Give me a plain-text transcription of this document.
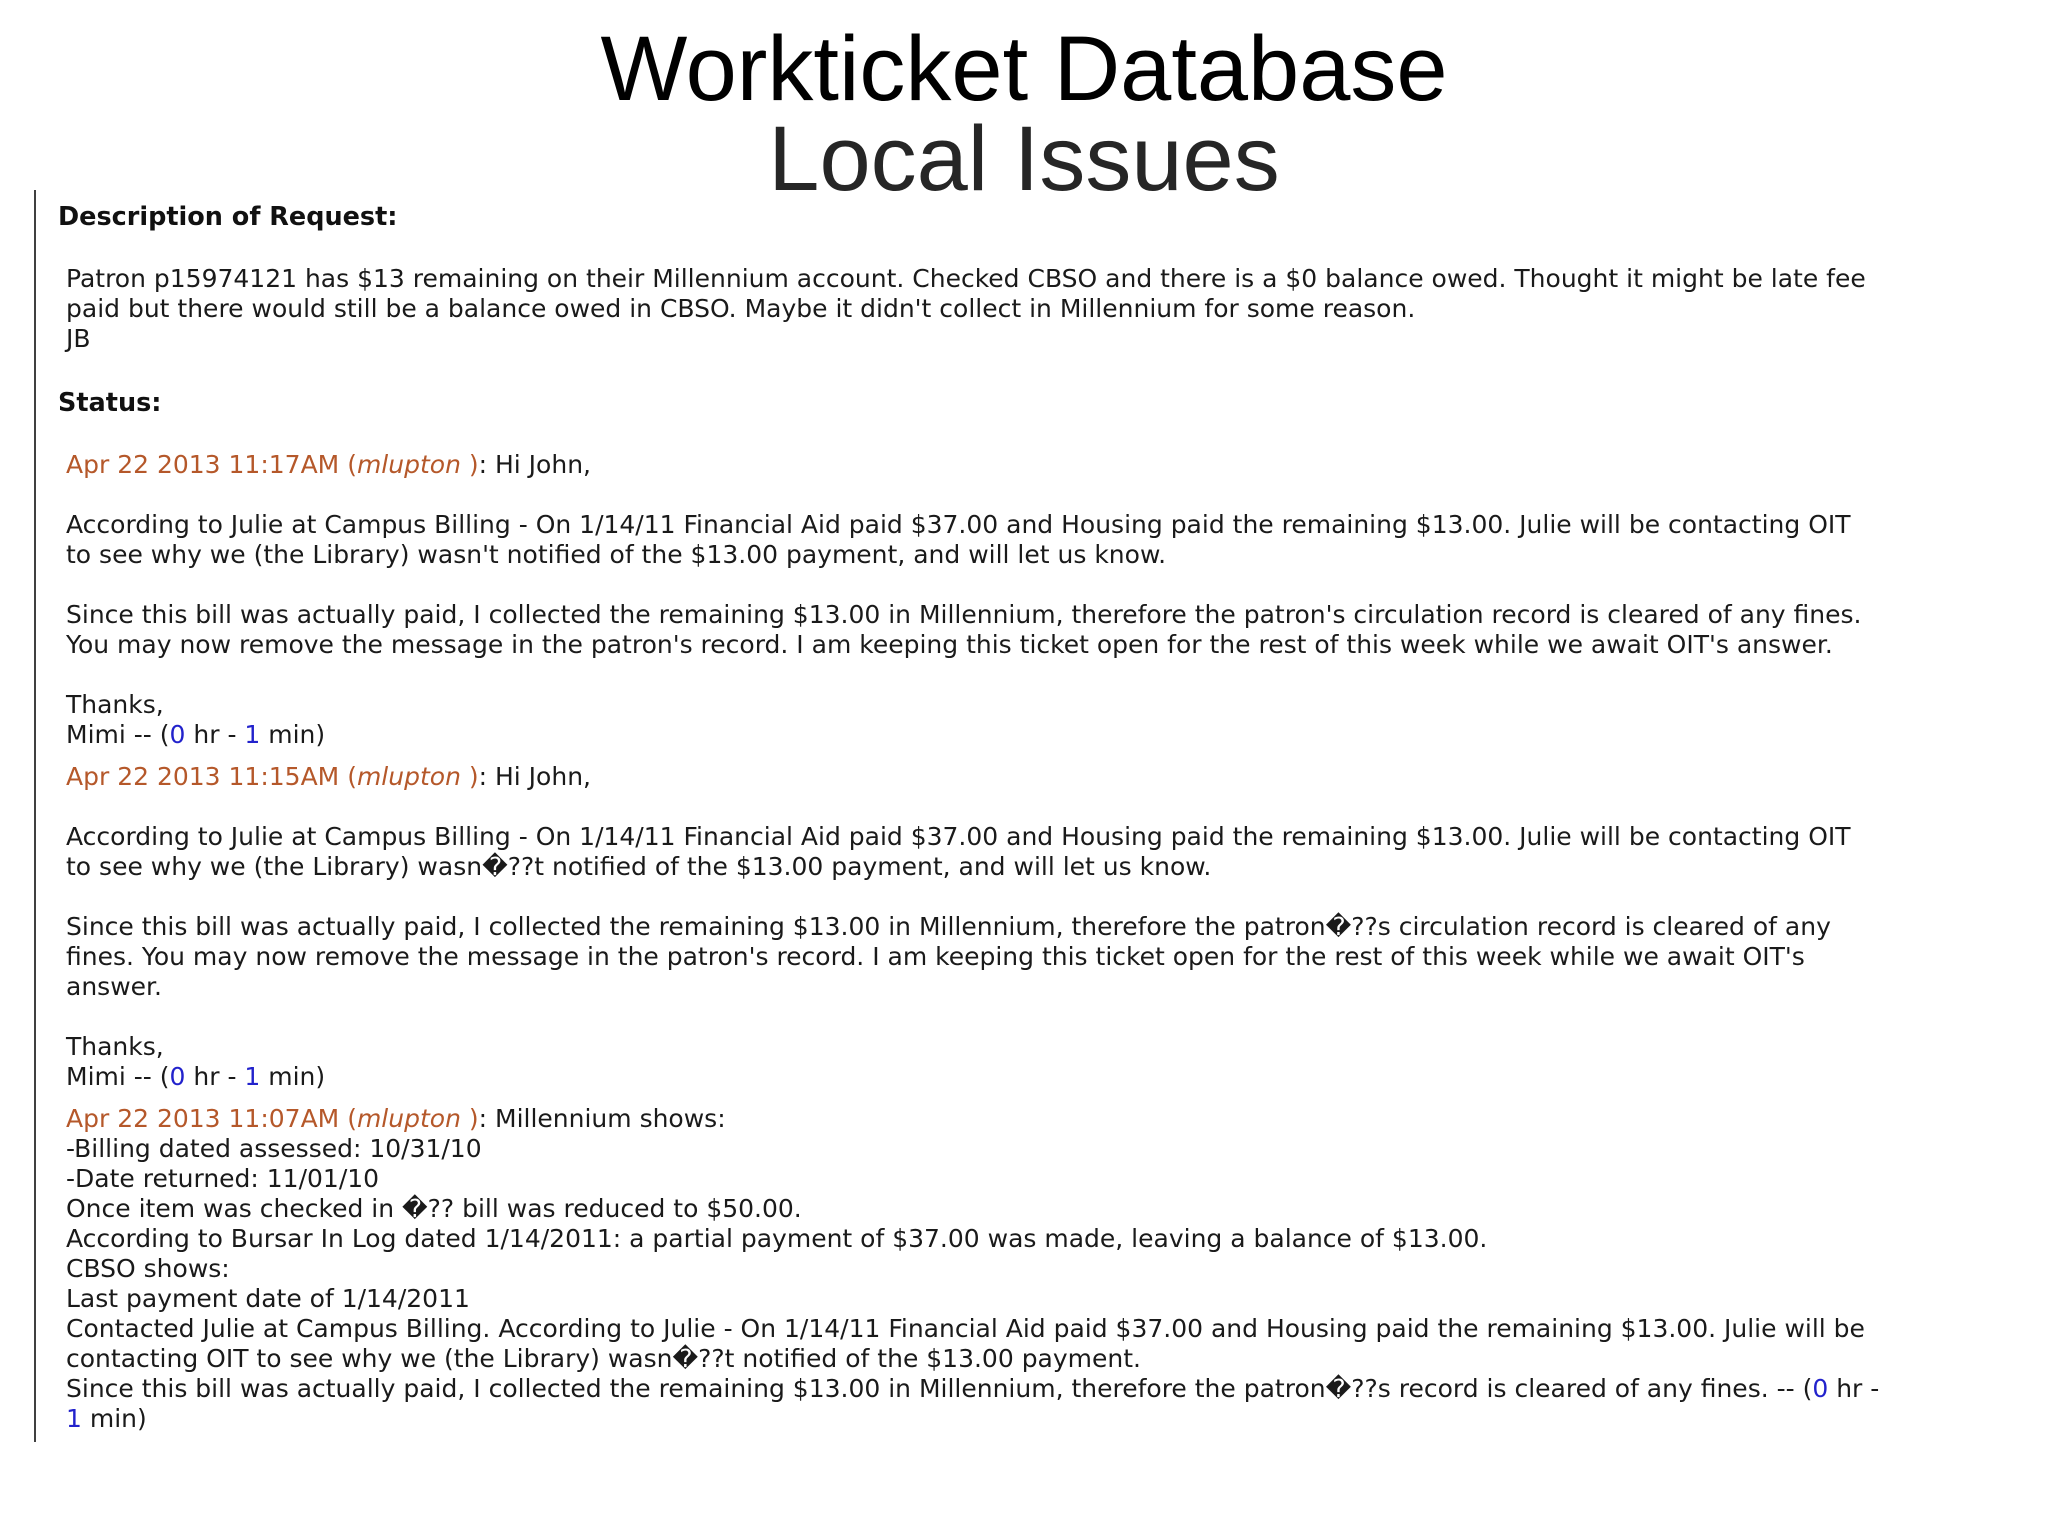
Workticket Database
Local Issues
Description of Request:

Patron p15974121 has $13 remaining on their Millennium account. Checked CBSO and there is a $0 balance owed. Thought it might be late fee

paid but there would still be a balance owed in CBSO. Maybe it didn't collect in Millennium for some reason.

JB

Status:

Apr 22 2013 11:17AM (mlupton ): Hi John,

According to Julie at Campus Billing - On 1/14/11 Financial Aid paid $37.00 and Housing paid the remaining $13.00. Julie will be contacting OIT

to see why we (the Library) wasn't notified of the $13.00 payment, and will let us know.

Since this bill was actually paid, I collected the remaining $13.00 in Millennium, therefore the patron's circulation record is cleared of any fines.

You may now remove the message in the patron's record. I am keeping this ticket open for the rest of this week while we await OIT's answer.

Thanks,

Mimi -- (0 hr - 1 min)

Apr 22 2013 11:15AM (mlupton ): Hi John,

According to Julie at Campus Billing - On 1/14/11 Financial Aid paid $37.00 and Housing paid the remaining $13.00. Julie will be contacting OIT

to see why we (the Library) wasn�??t notified of the $13.00 payment, and will let us know.

Since this bill was actually paid, I collected the remaining $13.00 in Millennium, therefore the patron�??s circulation record is cleared of any

fines. You may now remove the message in the patron's record. I am keeping this ticket open for the rest of this week while we await OIT's

answer.

Thanks,

Mimi -- (0 hr - 1 min)

Apr 22 2013 11:07AM (mlupton ): Millennium shows:

-Billing dated assessed: 10/31/10

-Date returned: 11/01/10

Once item was checked in �?? bill was reduced to $50.00.

According to Bursar In Log dated 1/14/2011: a partial payment of $37.00 was made, leaving a balance of $13.00.

CBSO shows:

Last payment date of 1/14/2011

Contacted Julie at Campus Billing. According to Julie - On 1/14/11 Financial Aid paid $37.00 and Housing paid the remaining $13.00. Julie will be

contacting OIT to see why we (the Library) wasn�??t notified of the $13.00 payment.

Since this bill was actually paid, I collected the remaining $13.00 in Millennium, therefore the patron�??s record is cleared of any fines. -- (0 hr -
1 min)
